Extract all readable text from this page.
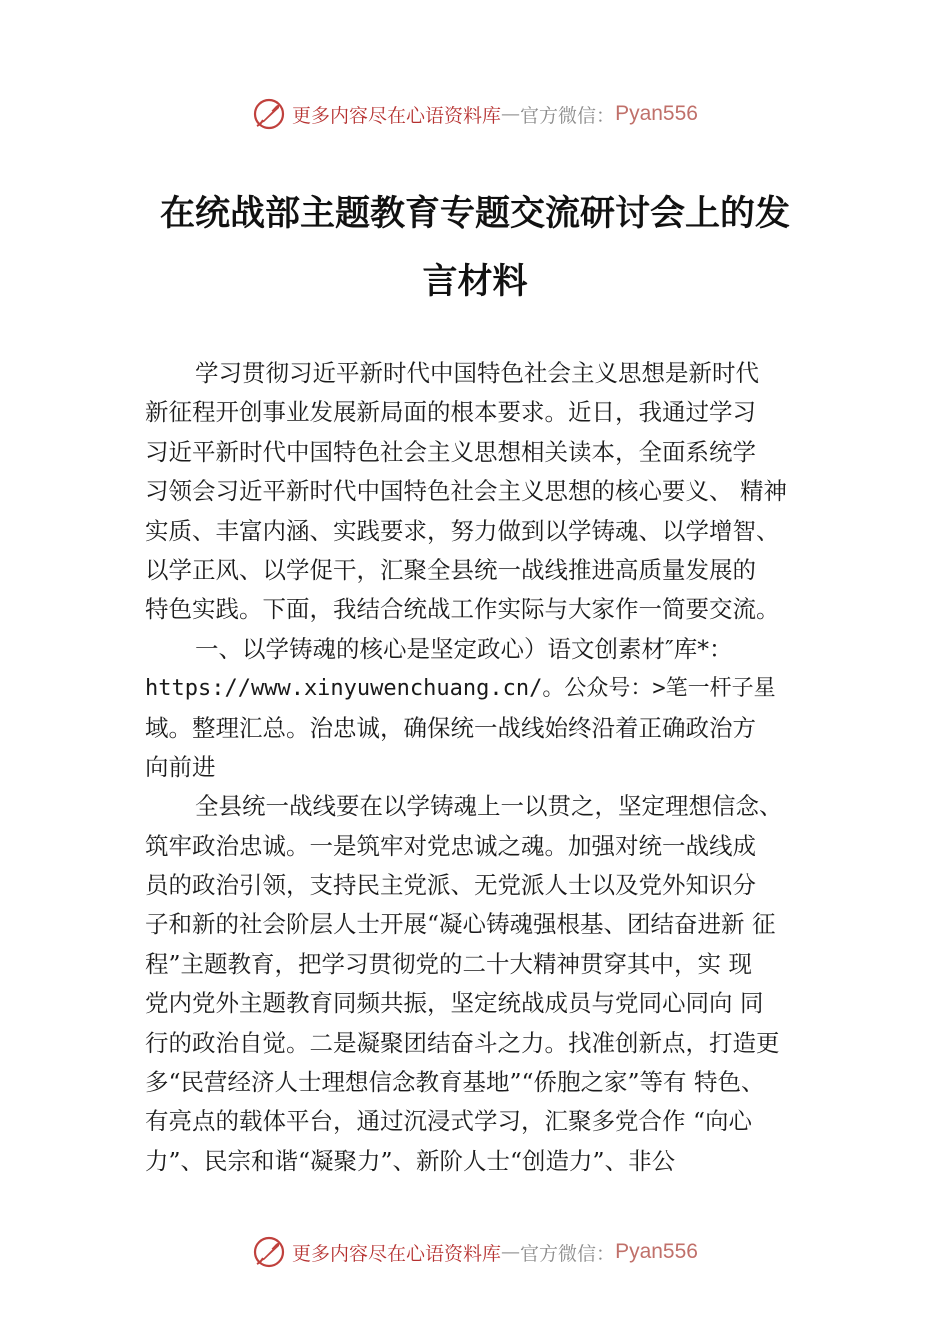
更多内容尽在心语资料库 — 官方微信： Pyan556
在统战部主题教育专题交流研讨会上的发
言材料
学习贯彻习近平新时代中国特色社会主义思想是新时代
新征程开创事业发展新局面的根本要求。近日，我通过学习
习近平新时代中国特色社会主义思想相关读本，全面系统学
习领会习近平新时代中国特色社会主义思想的核心要义、 精神
实质、丰富内涵、实践要求，努力做到以学铸魂、以学增智、
以学正风、以学促干，汇聚全县统一战线推进高质量发展的
特色实践。下面，我结合统战工作实际与大家作一简要交流。
一、以学铸魂的核心是坚定政心）语文创素材″库*：
https://www.xinyuwenchuang.cn/。公众号：>笔一杆子星
域。整理汇总。治忠诚，确保统一战线始终沿着正确政治方
向前进
全县统一战线要在以学铸魂上一以贯之，坚定理想信念、
筑牢政治忠诚。一是筑牢对党忠诚之魂。加强对统一战线成
员的政治引领，支持民主党派、无党派人士以及党外知识分
子和新的社会阶层人士开展“凝心铸魂强根基、团结奋进新 征
程”主题教育，把学习贯彻党的二十大精神贯穿其中，实 现
党内党外主题教育同频共振，坚定统战成员与党同心同向 同
行的政治自觉。二是凝聚团结奋斗之力。找准创新点，打造更
多“民营经济人士理想信念教育基地”“侨胞之家”等有 特色、
有亮点的载体平台，通过沉浸式学习，汇聚多党合作 “向心
力”、民宗和谐“凝聚力”、新阶人士“创造力”、非公
更多内容尽在心语资料库 — 官方微信： Pyan556
